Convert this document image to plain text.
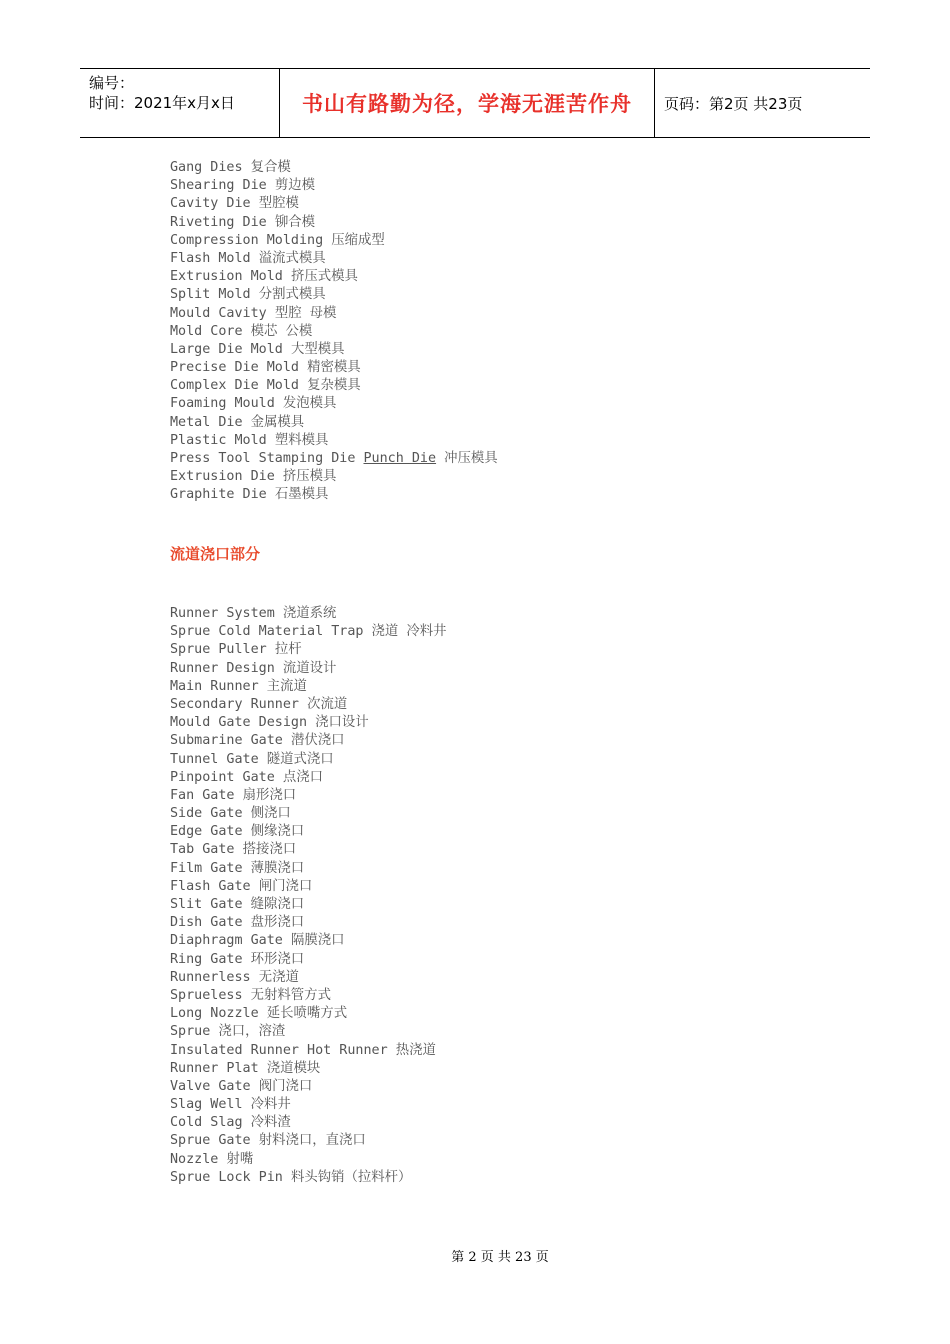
编号：
时间：2021年x月x日	书山有路勤为径，学海无涯苦作舟 页码：第2页 共23页
Gang Dies 复合模
Shearing Die 剪边模
Cavity Die 型腔模
Riveting Die 铆合模
Compression Molding 压缩成型
Flash Mold 溢流式模具
Extrusion Mold 挤压式模具
Split Mold 分割式模具
Mould Cavity 型腔 母模
Mold Core 模芯 公模
Large Die Mold 大型模具
Precise Die Mold 精密模具
Complex Die Mold 复杂模具
Foaming Mould 发泡模具
Metal Die 金属模具
Plastic Mold 塑料模具
Press Tool Stamping Die Punch Die 冲压模具
Extrusion Die 挤压模具
Graphite Die 石墨模具
流道浇口部分
Runner System 浇道系统
Sprue Cold Material Trap 浇道 冷料井
Sprue Puller 拉杆
Runner Design 流道设计
Main Runner 主流道
Secondary Runner 次流道
Mould Gate Design 浇口设计
Submarine Gate 潜伏浇口
Tunnel Gate 隧道式浇口
Pinpoint Gate 点浇口
Fan Gate 扇形浇口
Side Gate 侧浇口
Edge Gate 侧缘浇口
Tab Gate 搭接浇口
Film Gate 薄膜浇口
Flash Gate 闸门浇口
Slit Gate 缝隙浇口
Dish Gate 盘形浇口
Diaphragm Gate 隔膜浇口
Ring Gate 环形浇口
Runnerless 无浇道
Sprueless 无射料管方式
Long Nozzle 延长喷嘴方式
Sprue 浇口，溶渣
Insulated Runner Hot Runner 热浇道
Runner Plat 浇道模块
Valve Gate 阀门浇口
Slag Well 冷料井
Cold Slag 冷料渣
Sprue Gate 射料浇口，直浇口
Nozzle 射嘴
Sprue Lock Pin 料头钩销（拉料杆）
第 2 页 共 23 页
